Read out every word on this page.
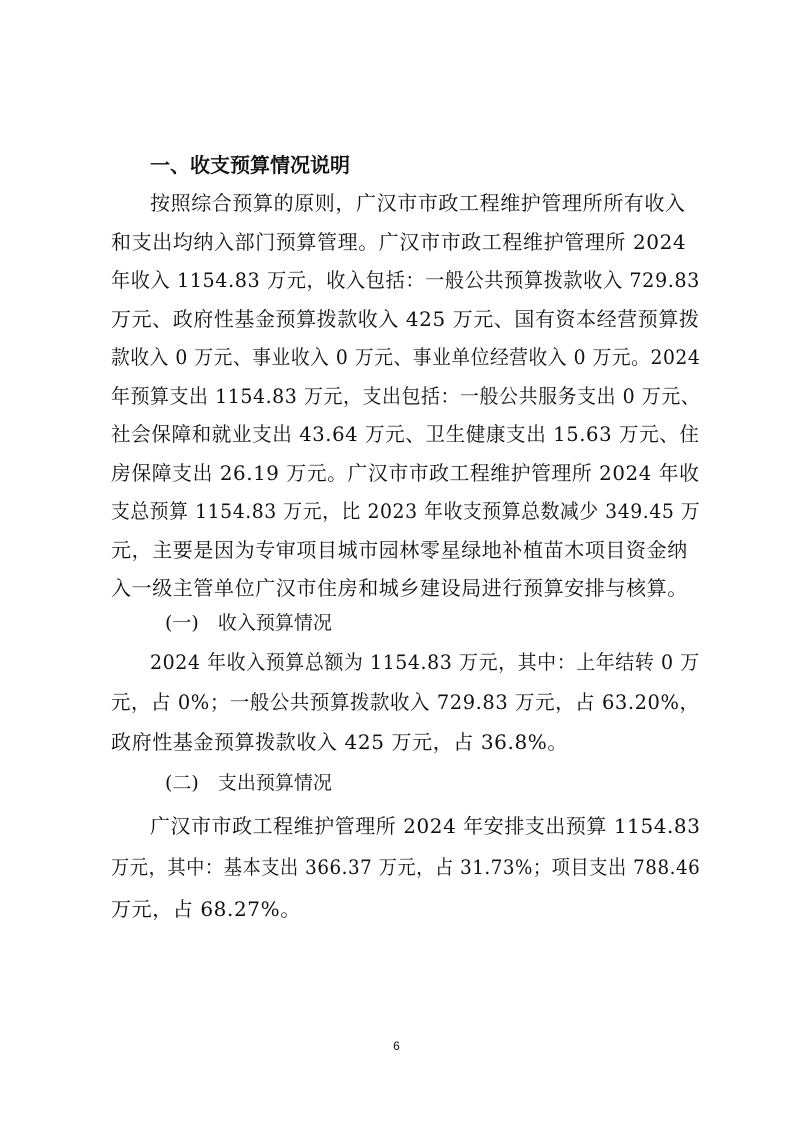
一、收支预算情况说明
按照综合预算的原则，广汉市市政工程维护管理所所有收入
和支出均纳入部门预算管理。广汉市市政工程维护管理所 2024
年收入 1154.83 万元，收入包括：一般公共预算拨款收入 729.83
万元、政府性基金预算拨款收入 425 万元、国有资本经营预算拨
款收入 0 万元、事业收入 0 万元、事业单位经营收入 0 万元。2024
年预算支出 1154.83 万元，支出包括：一般公共服务支出 0 万元、
社会保障和就业支出 43.64 万元、卫生健康支出 15.63 万元、住
房保障支出 26.19 万元。广汉市市政工程维护管理所 2024 年收
支总预算 1154.83 万元，比 2023 年收支预算总数减少 349.45 万
元，主要是因为专审项目城市园林零星绿地补植苗木项目资金纳
入一级主管单位广汉市住房和城乡建设局进行预算安排与核算。
(一)　收入预算情况
2024 年收入预算总额为 1154.83 万元，其中：上年结转 0 万
元，占 0%；一般公共预算拨款收入 729.83 万元，占 63.20%，
政府性基金预算拨款收入 425 万元，占 36.8%。
(二)　支出预算情况
广汉市市政工程维护管理所 2024 年安排支出预算 1154.83
万元，其中：基本支出 366.37 万元，占 31.73%；项目支出 788.46
万元，占 68.27%。
6
